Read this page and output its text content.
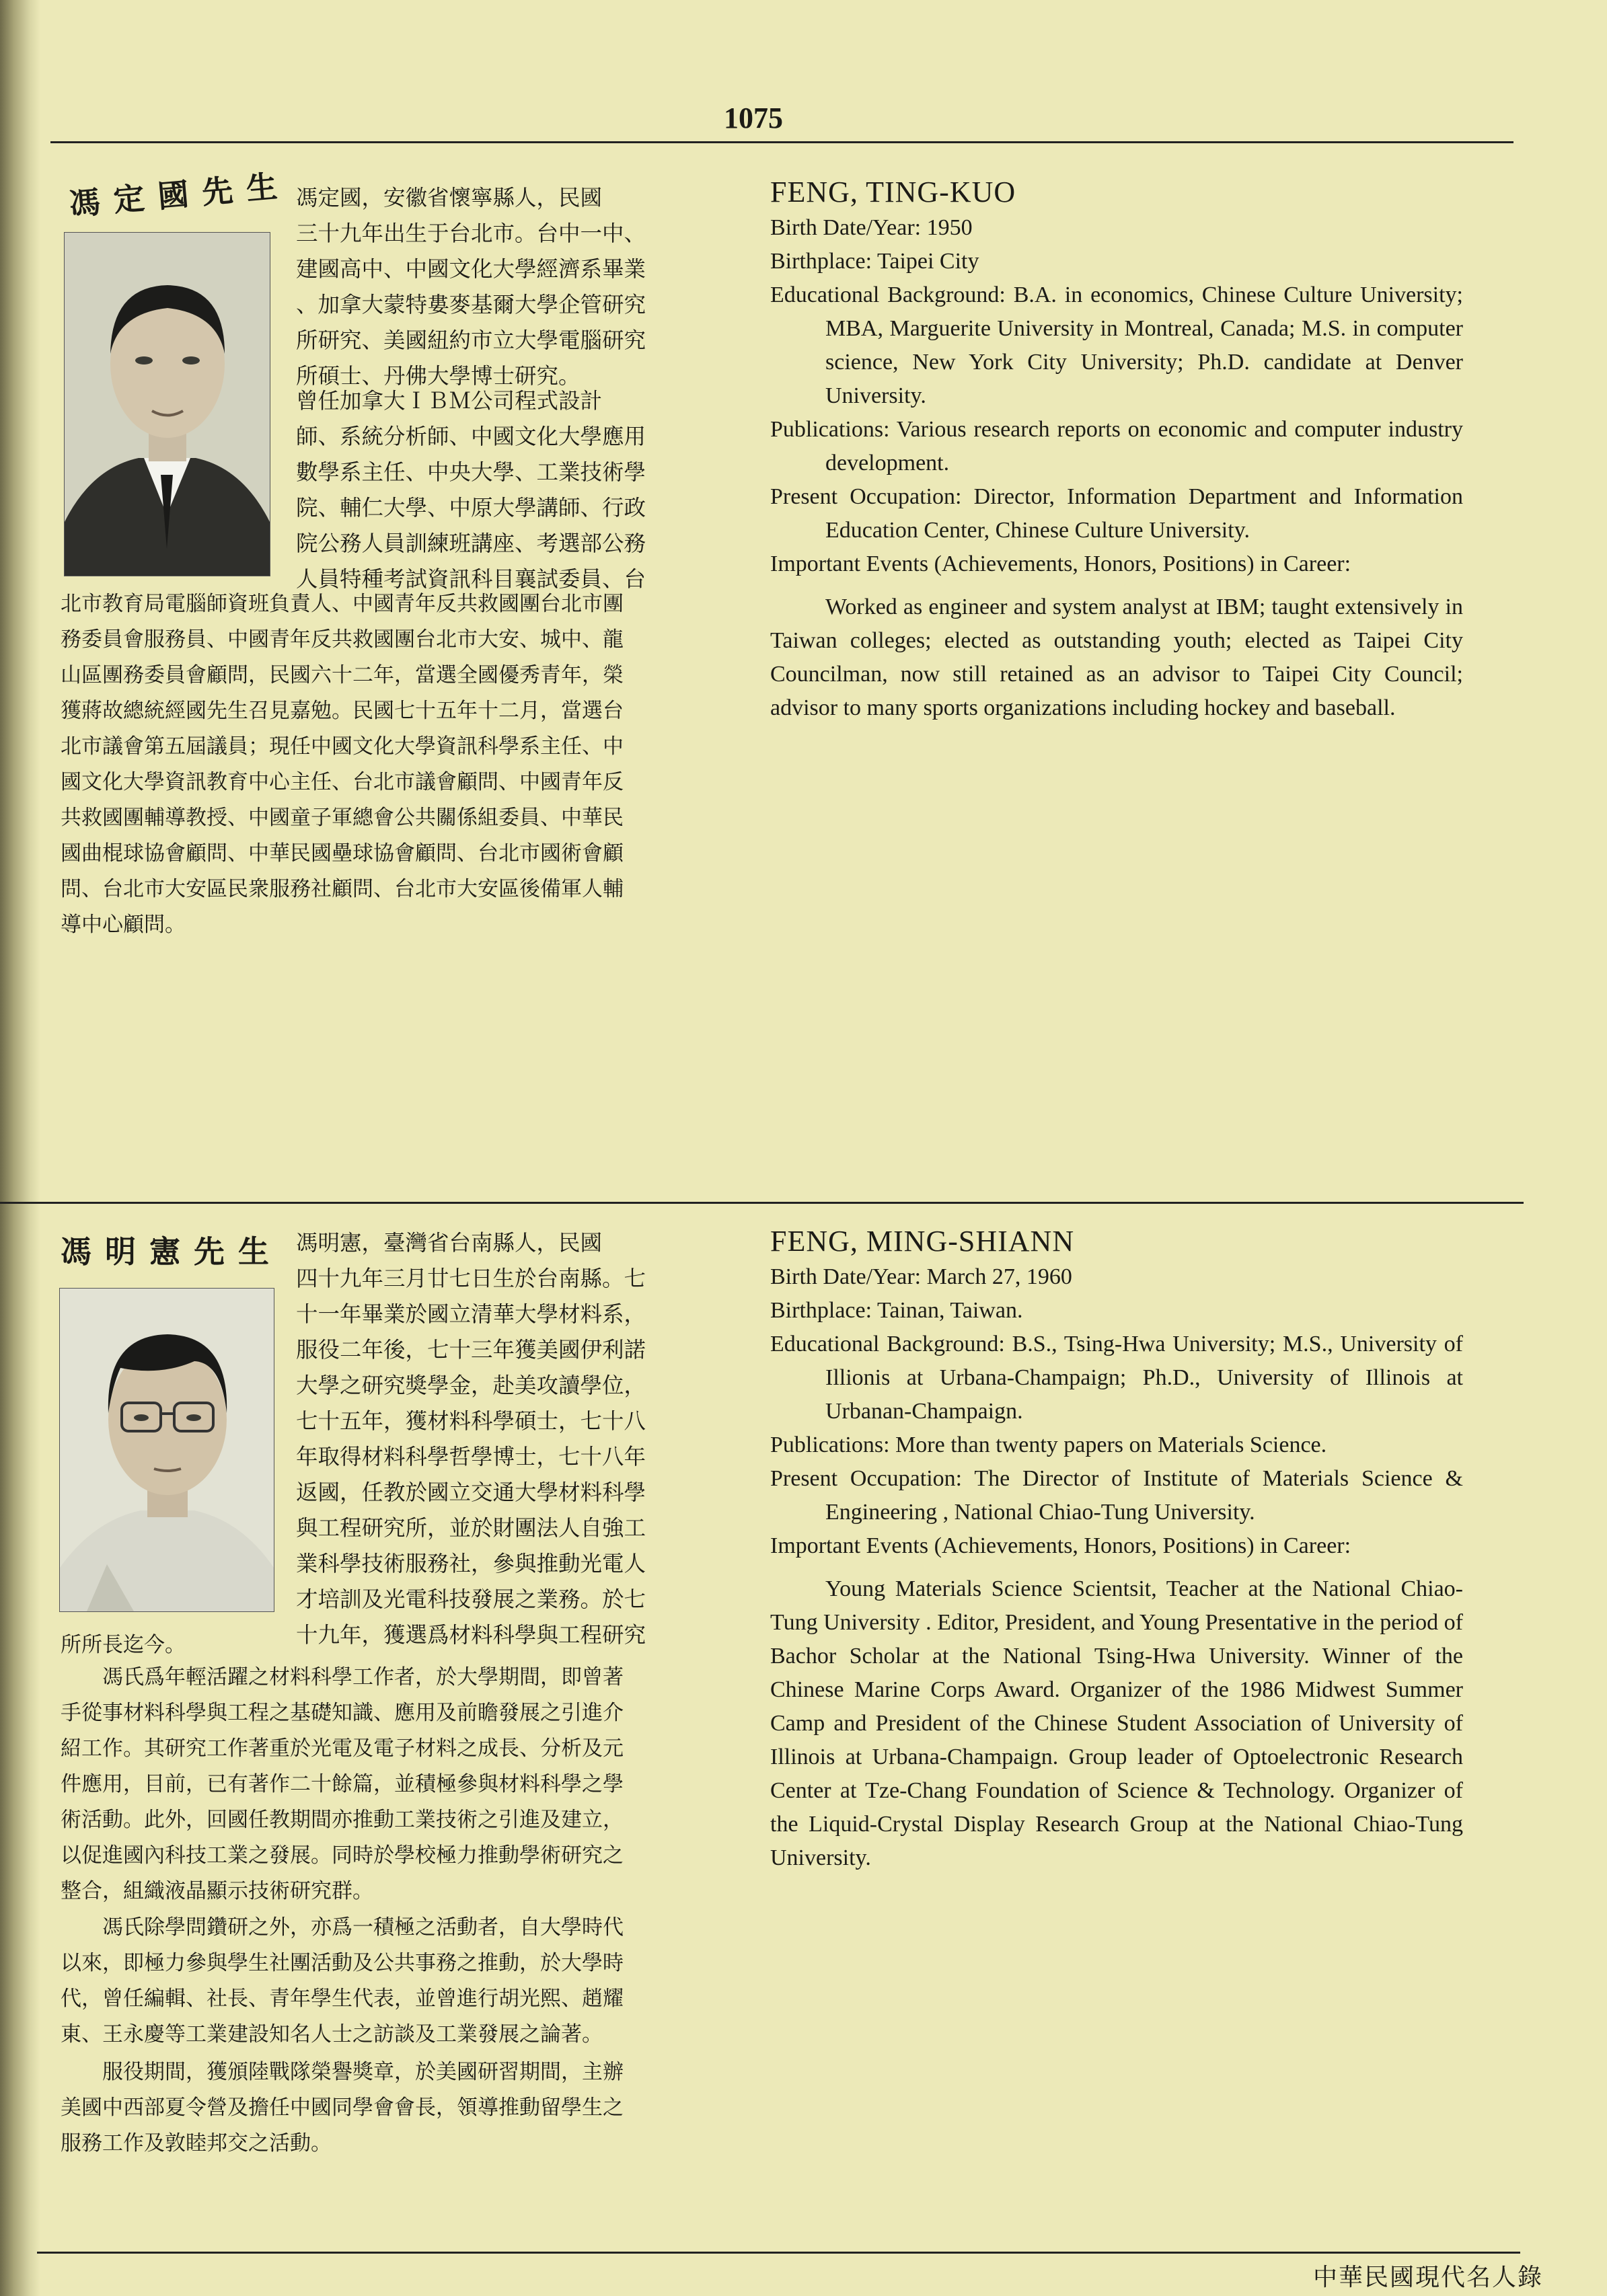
1075
馮定國先生 馮定國，安徽省懷寧縣人，民國
三十九年出生于台北市。台中一中、
建國高中、中國文化大學經濟系畢業
、加拿大蒙特婁麥基爾大學企管研究
所研究、美國紐約市立大學電腦研究
所碩士、丹佛大學博士研究。
曾任加拿大ＩＢＭ公司程式設計
師、系統分析師、中國文化大學應用
數學系主任、中央大學、工業技術學
院、輔仁大學、中原大學講師、行政
院公務人員訓練班講座、考選部公務
人員特種考試資訊科目襄試委員、台
北市教育局電腦師資班負責人、中國青年反共救國團台北市團
務委員會服務員、中國青年反共救國團台北市大安、城中、龍
山區團務委員會顧問，民國六十二年，當選全國優秀青年，榮
獲蔣故總統經國先生召見嘉勉。民國七十五年十二月，當選台
北市議會第五屆議員；現任中國文化大學資訊科學系主任、中
國文化大學資訊教育中心主任、台北市議會顧問、中國青年反
共救國團輔導教授、中國童子軍總會公共關係組委員、中華民
國曲棍球協會顧問、中華民國壘球協會顧問、台北市國術會顧
問、台北市大安區民衆服務社顧問、台北市大安區後備軍人輔
導中心顧問。
FENG, TING-KUO

Birth Date/Year: 1950

Birthplace: Taipei City

Educational Background: B.A. in economics, Chinese Culture University; MBA, Marguerite University in Montreal, Canada; M.S. in computer science, New York City University; Ph.D. candidate at Denver University.

Publications: Various research reports on economic and computer industry development.

Present Occupation: Director, Information Department and Information Education Center, Chinese Culture University.

Important Events (Achievements, Honors, Positions) in Career:

Worked as engineer and system analyst at IBM; taught extensively in Taiwan colleges; elected as outstanding youth; elected as Taipei City Councilman, now still retained as an advisor to Taipei City Council; advisor to many sports organizations including hockey and baseball.

馮明憲先生 馮明憲，臺灣省台南縣人，民國
四十九年三月廿七日生於台南縣。七
十一年畢業於國立清華大學材料系，
服役二年後，七十三年獲美國伊利諾
大學之研究獎學金，赴美攻讀學位，
七十五年，獲材料科學碩士，七十八
年取得材料科學哲學博士，七十八年
返國，任教於國立交通大學材料科學
與工程研究所，並於財團法人自強工
業科學技術服務社，參與推動光電人
才培訓及光電科技發展之業務。於七
十九年，獲選爲材料科學與工程研究
所所長迄今。
　　馮氏爲年輕活躍之材料科學工作者，於大學期間，即曾著
手從事材料科學與工程之基礎知識、應用及前瞻發展之引進介
紹工作。其研究工作著重於光電及電子材料之成長、分析及元
件應用，目前，已有著作二十餘篇，並積極參與材料科學之學
術活動。此外，回國任教期間亦推動工業技術之引進及建立，
以促進國內科技工業之發展。同時於學校極力推動學術研究之
整合，組織液晶顯示技術研究群。
　　馮氏除學問鑽研之外，亦爲一積極之活動者，自大學時代
以來，即極力參與學生社團活動及公共事務之推動，於大學時
代，曾任編輯、社長、青年學生代表，並曾進行胡光熙、趙耀
東、王永慶等工業建設知名人士之訪談及工業發展之論著。
　　服役期間，獲頒陸戰隊榮譽獎章，於美國研習期間，主辦
美國中西部夏令營及擔任中國同學會會長，領導推動留學生之
服務工作及敦睦邦交之活動。
FENG, MING-SHIANN

Birth Date/Year: March 27, 1960

Birthplace: Tainan, Taiwan.

Educational Background: B.S., Tsing-Hwa University; M.S., University of Illionis at Urbana-Champaign; Ph.D., University of Illinois at Urbanan-Champaign.

Publications: More than twenty papers on Materials Science.

Present Occupation: The Director of Institute of Materials Science & Engineering , National Chiao-Tung University.

Important Events (Achievements, Honors, Positions) in Career:

Young Materials Science Scientsit, Teacher at the National Chiao-Tung University . Editor, President, and Young Presentative in the period of Bachor Scholar at the National Tsing-Hwa University. Winner of the Chinese Marine Corps Award. Organizer of the 1986 Midwest Summer Camp and President of the Chinese Student Association of University of Illinois at Urbana-Champaign. Group leader of Optoelectronic Research Center at Tze-Chang Foundation of Science & Technology. Organizer of the Liquid-Crystal Display Research Group at the National Chiao-Tung University.

中華民國現代名人錄
